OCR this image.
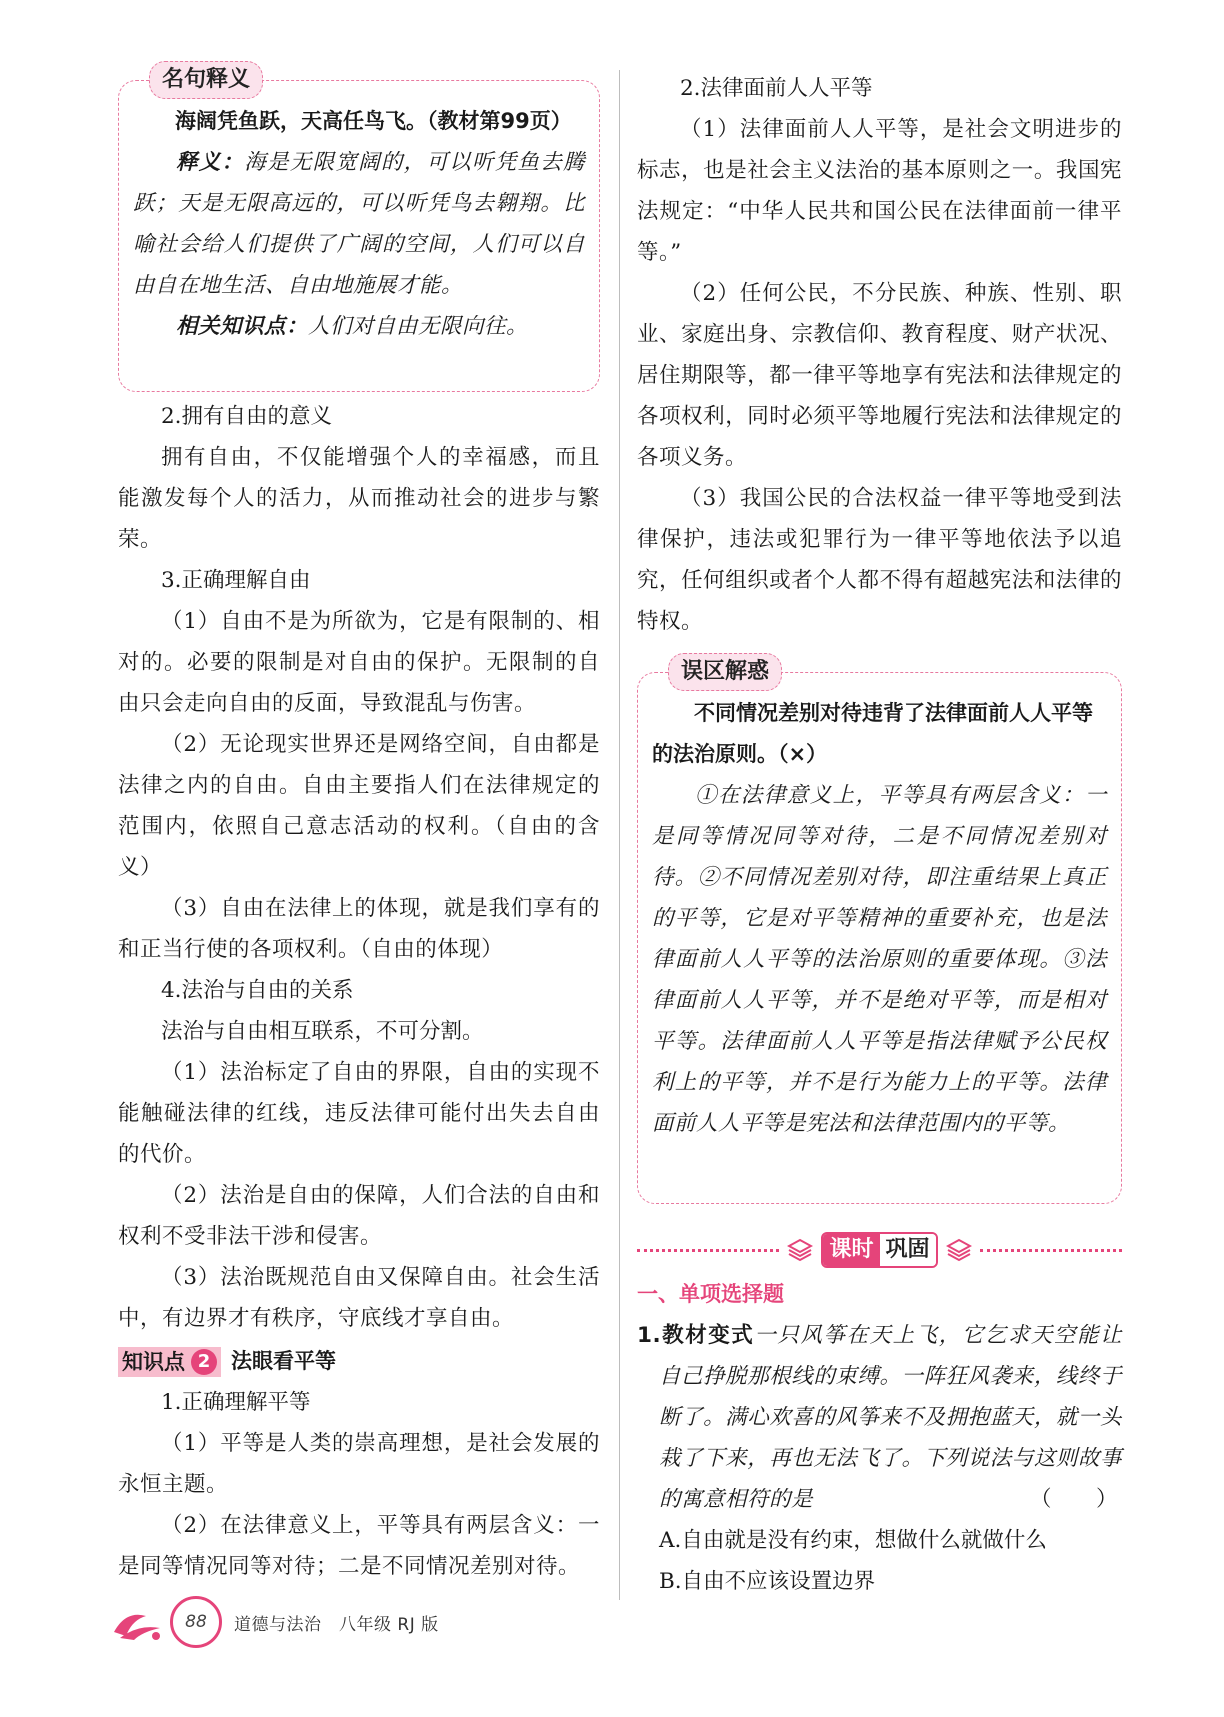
名句释义

海阔凭鱼跃，天高任鸟飞。（教材第99页）

释义：海是无限宽阔的，可以听凭鱼去腾跃；天是无限高远的，可以听凭鸟去翱翔。比喻社会给人们提供了广阔的空间，人们可以自由自在地生活、自由地施展才能。

相关知识点：人们对自由无限向往。

2.拥有自由的意义

拥有自由，不仅能增强个人的幸福感，而且能激发每个人的活力，从而推动社会的进步与繁荣。

3.正确理解自由

（1）自由不是为所欲为，它是有限制的、相对的。必要的限制是对自由的保护。无限制的自由只会走向自由的反面，导致混乱与伤害。

（2）无论现实世界还是网络空间，自由都是法律之内的自由。自由主要指人们在法律规定的范围内，依照自己意志活动的权利。（自由的含义）

（3）自由在法律上的体现，就是我们享有的和正当行使的各项权利。（自由的体现）

4.法治与自由的关系

法治与自由相互联系，不可分割。

（1）法治标定了自由的界限，自由的实现不能触碰法律的红线，违反法律可能付出失去自由的代价。

（2）法治是自由的保障，人们合法的自由和权利不受非法干涉和侵害。

（3）法治既规范自由又保障自由。社会生活中，有边界才有秩序，守底线才享自由。

知识点 2 法眼看平等

1.正确理解平等

（1）平等是人类的崇高理想，是社会发展的永恒主题。

（2）在法律意义上，平等具有两层含义：一是同等情况同等对待；二是不同情况差别对待。

2.法律面前人人平等

（1）法律面前人人平等，是社会文明进步的标志，也是社会主义法治的基本原则之一。我国宪法规定：“中华人民共和国公民在法律面前一律平等。”

（2）任何公民，不分民族、种族、性别、职业、家庭出身、宗教信仰、教育程度、财产状况、居住期限等，都一律平等地享有宪法和法律规定的各项权利，同时必须平等地履行宪法和法律规定的各项义务。

（3）我国公民的合法权益一律平等地受到法律保护，违法或犯罪行为一律平等地依法予以追究，任何组织或者个人都不得有超越宪法和法律的特权。

误区解惑

不同情况差别对待违背了法律面前人人平等的法治原则。（×）

①在法律意义上，平等具有两层含义：一是同等情况同等对待，二是不同情况差别对待。②不同情况差别对待，即注重结果上真正的平等，它是对平等精神的重要补充，也是法律面前人人平等的法治原则的重要体现。③法律面前人人平等，并不是绝对平等，而是相对平等。法律面前人人平等是指法律赋予公民权利上的平等，并不是行为能力上的平等。法律面前人人平等是宪法和法律范围内的平等。

课时 巩固

一、单项选择题

1.教材变式一只风筝在天上飞，它乞求天空能让自己挣脱那根线的束缚。一阵狂风袭来，线终于断了。满心欢喜的风筝来不及拥抱蓝天，就一头栽了下来，再也无法飞了。下列说法与这则故事的寓意相符的是	（　　）

A.自由就是没有约束，想做什么就做什么

B.自由不应该设置边界

88	道德与法治　八年级 RJ 版
